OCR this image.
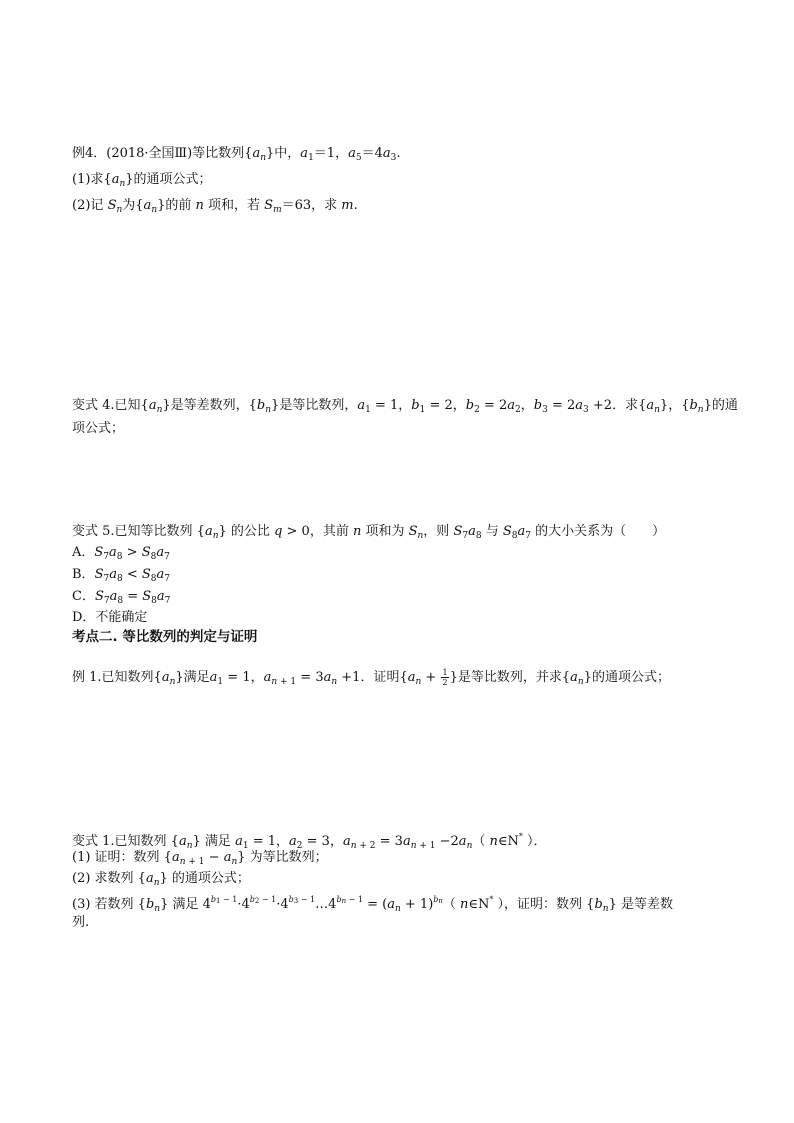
例4．(2018·全国Ⅲ)等比数列$\{a_n\}$中，$a_1=1$，$a_5=4a_3$.
(1)求$\{a_n\}$的通项公式；
(2)记 $S_n$为$\{a_n\}$的前 n 项和，若 $S_m=63$，求 m.
变式 4.已知$\{a_n\}$是等差数列，$\{b_n\}$是等比数列，$a_1 = 1$，$b_1 = 2$，$b_2 = 2a_2$，$b_3 = 2a_3 +2$．求$\{a_n\}$，$\{b_n\}$的通
项公式；
变式 5.已知等比数列 $\{a_n\}$ 的公比 q > 0，其前 n 项和为 $S_n$，则 $S_7a_8$ 与 $S_8a_7$ 的大小关系为（　　）
A．$S_7a_8 > S_8a_7$
B．$S_7a_8 < S_8a_7$
C．$S_7a_8 = S_8a_7$
D．不能确定
考点二. 等比数列的判定与证明
例 1.已知数列$\{a_n\}$满足$a_1 = 1$，$a_{n + 1} = 3a_n +1$．证明{$a_n + \frac{1}{2}$ }是等比数列，并求$\{a_n\}$的通项公式；
变式 1.已知数列 $\{a_n\}$ 满足 $a_1 = 1$，$a_2 = 3$，$a_{n + 2} = 3a_{n + 1} -2a_n$（ n∈N* ）．
(1) 证明：数列 $\{a_{n + 1} - a_n\}$ 为等比数列；
(2) 求数列 $\{a_n\}$ 的通项公式；
(3) 若数列 $\{b_n\}$ 满足 $4^{b_1 - 1}\cdot 4^{b_2 - 1}\cdot 4^{b_3 - 1}\dots 4^{b_n - 1} = (a_n + 1)^{b_n}$（ n∈N* ），证明：数列 $\{b_n\}$ 是等差数
列.
